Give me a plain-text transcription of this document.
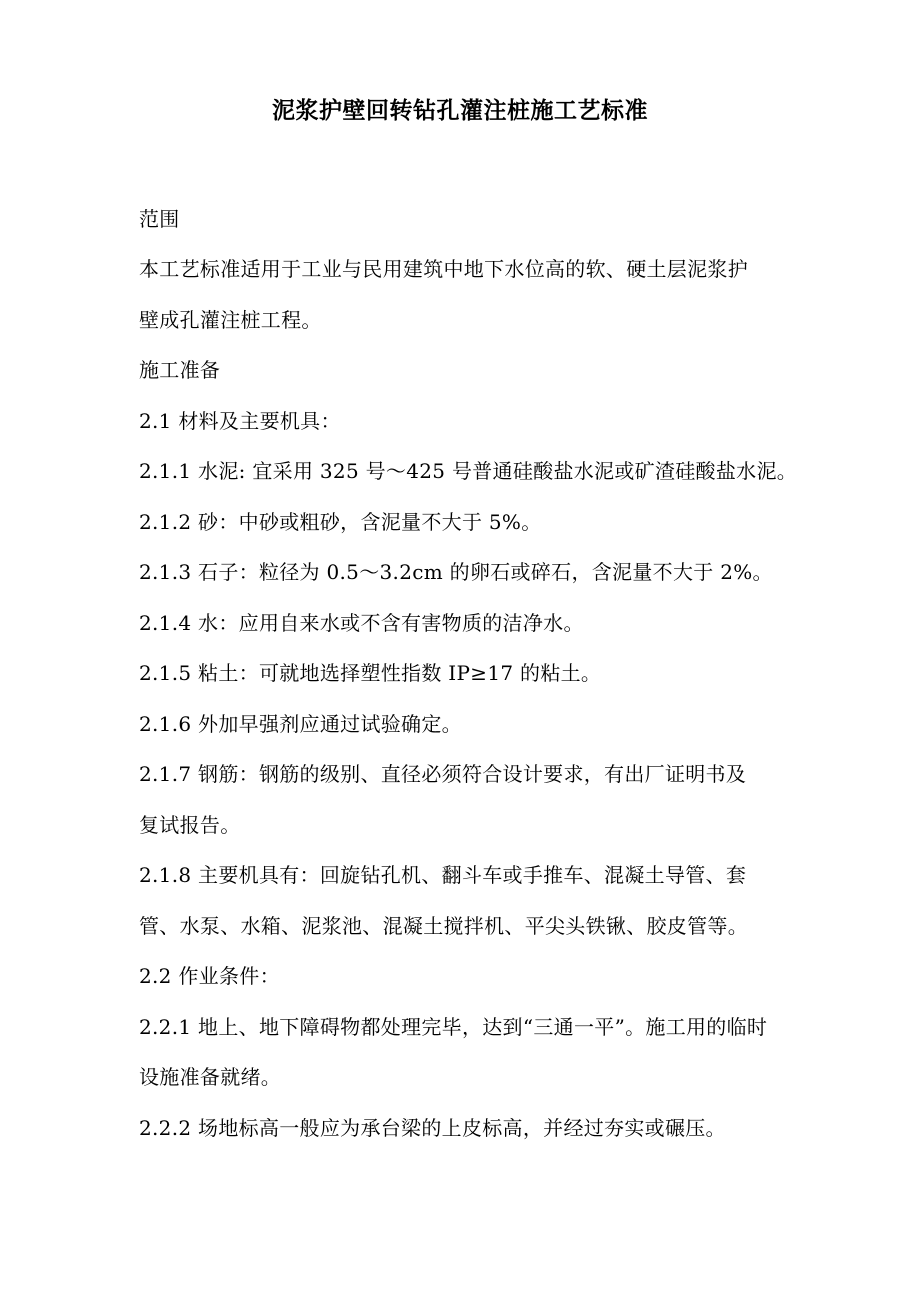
泥浆护壁回转钻孔灌注桩施工艺标准

范围

本工艺标准适用于工业与民用建筑中地下水位高的软、硬土层泥浆护

壁成孔灌注桩工程。

施工准备

2.1 材料及主要机具：

2.1.1 水泥: 宜采用 325 号～425 号普通硅酸盐水泥或矿渣硅酸盐水泥。

2.1.2 砂：中砂或粗砂，含泥量不大于 5%。

2.1.3 石子：粒径为 0.5～3.2cm 的卵石或碎石，含泥量不大于 2%。

2.1.4 水：应用自来水或不含有害物质的洁净水。

2.1.5 粘土：可就地选择塑性指数 IP≥17 的粘土。

2.1.6 外加早强剂应通过试验确定。

2.1.7 钢筋：钢筋的级别、直径必须符合设计要求，有出厂证明书及

复试报告。

2.1.8 主要机具有：回旋钻孔机、翻斗车或手推车、混凝土导管、套

管、水泵、水箱、泥浆池、混凝土搅拌机、平尖头铁锹、胶皮管等。

2.2 作业条件：

2.2.1 地上、地下障碍物都处理完毕，达到“三通一平”。施工用的临时

设施准备就绪。

2.2.2 场地标高一般应为承台梁的上皮标高，并经过夯实或碾压。
